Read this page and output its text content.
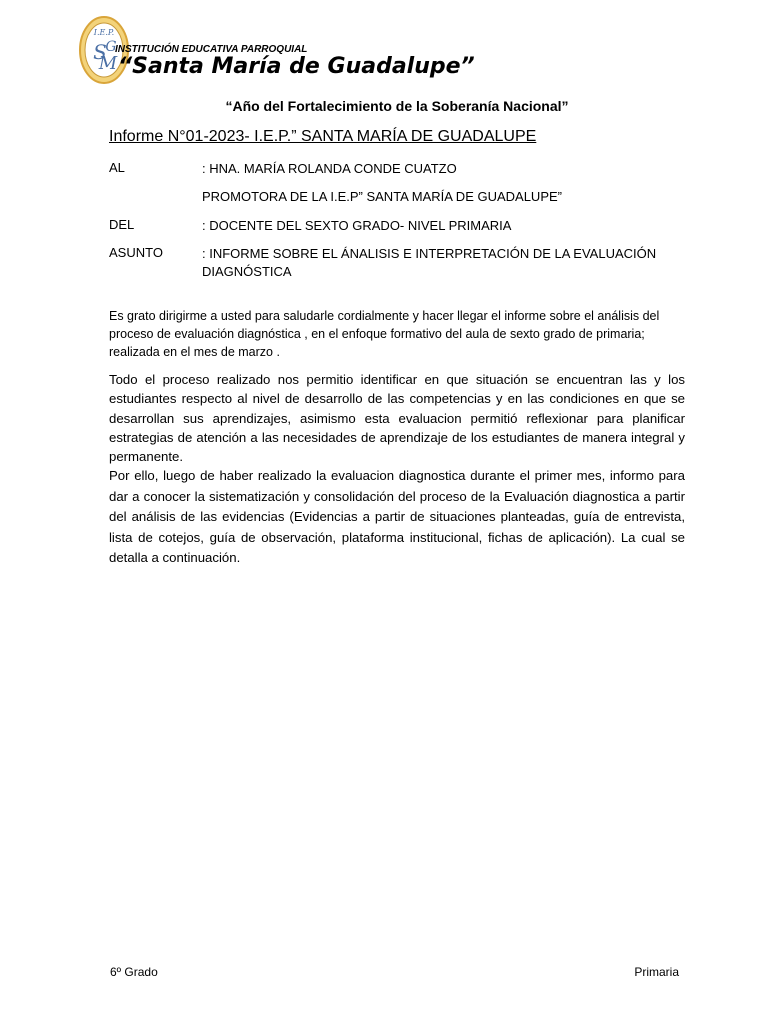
I.E.P.
S
M
G
INSTITUCIÓN EDUCATIVA PARROQUIAL
“Santa María de Guadalupe”
“Año del Fortalecimiento de la Soberanía Nacional”
Informe N°01-2023- I.E.P.” SANTA MARÍA DE GUADALUPE
AL	: HNA. MARÍA ROLANDA CONDE CUATZO
PROMOTORA DE LA I.E.P” SANTA MARÍA DE GUADALUPE”
DEL	: DOCENTE DEL SEXTO GRADO- NIVEL PRIMARIA
ASUNTO	: INFORME SOBRE EL ÁNALISIS E INTERPRETACIÓN DE LA EVALUACIÓN DIAGNÓSTICA
Es grato dirigirme a usted para saludarle cordialmente y hacer llegar el informe sobre el análisis del proceso de evaluación diagnóstica , en el enfoque formativo del aula de sexto grado de primaria; realizada en el mes de marzo .

Todo el proceso realizado nos permitio identificar en que situación se encuentran las y los estudiantes respecto al nivel de desarrollo de las competencias y en las condiciones en que se desarrollan sus aprendizajes, asimismo esta evaluacion permitió reflexionar para planificar estrategias de atención a las necesidades de aprendizaje de los estudiantes de manera integral y permanente.

Por ello, luego de haber realizado la evaluacion diagnostica durante el primer mes, informo para dar a conocer la sistematización y consolidación del proceso de la Evaluación diagnostica a partir del análisis de las evidencias (Evidencias a partir de situaciones planteadas, guía de entrevista, lista de cotejos, guía de observación, plataforma institucional, fichas de aplicación). La cual se detalla a continuación.

6º Grado	Primaria
